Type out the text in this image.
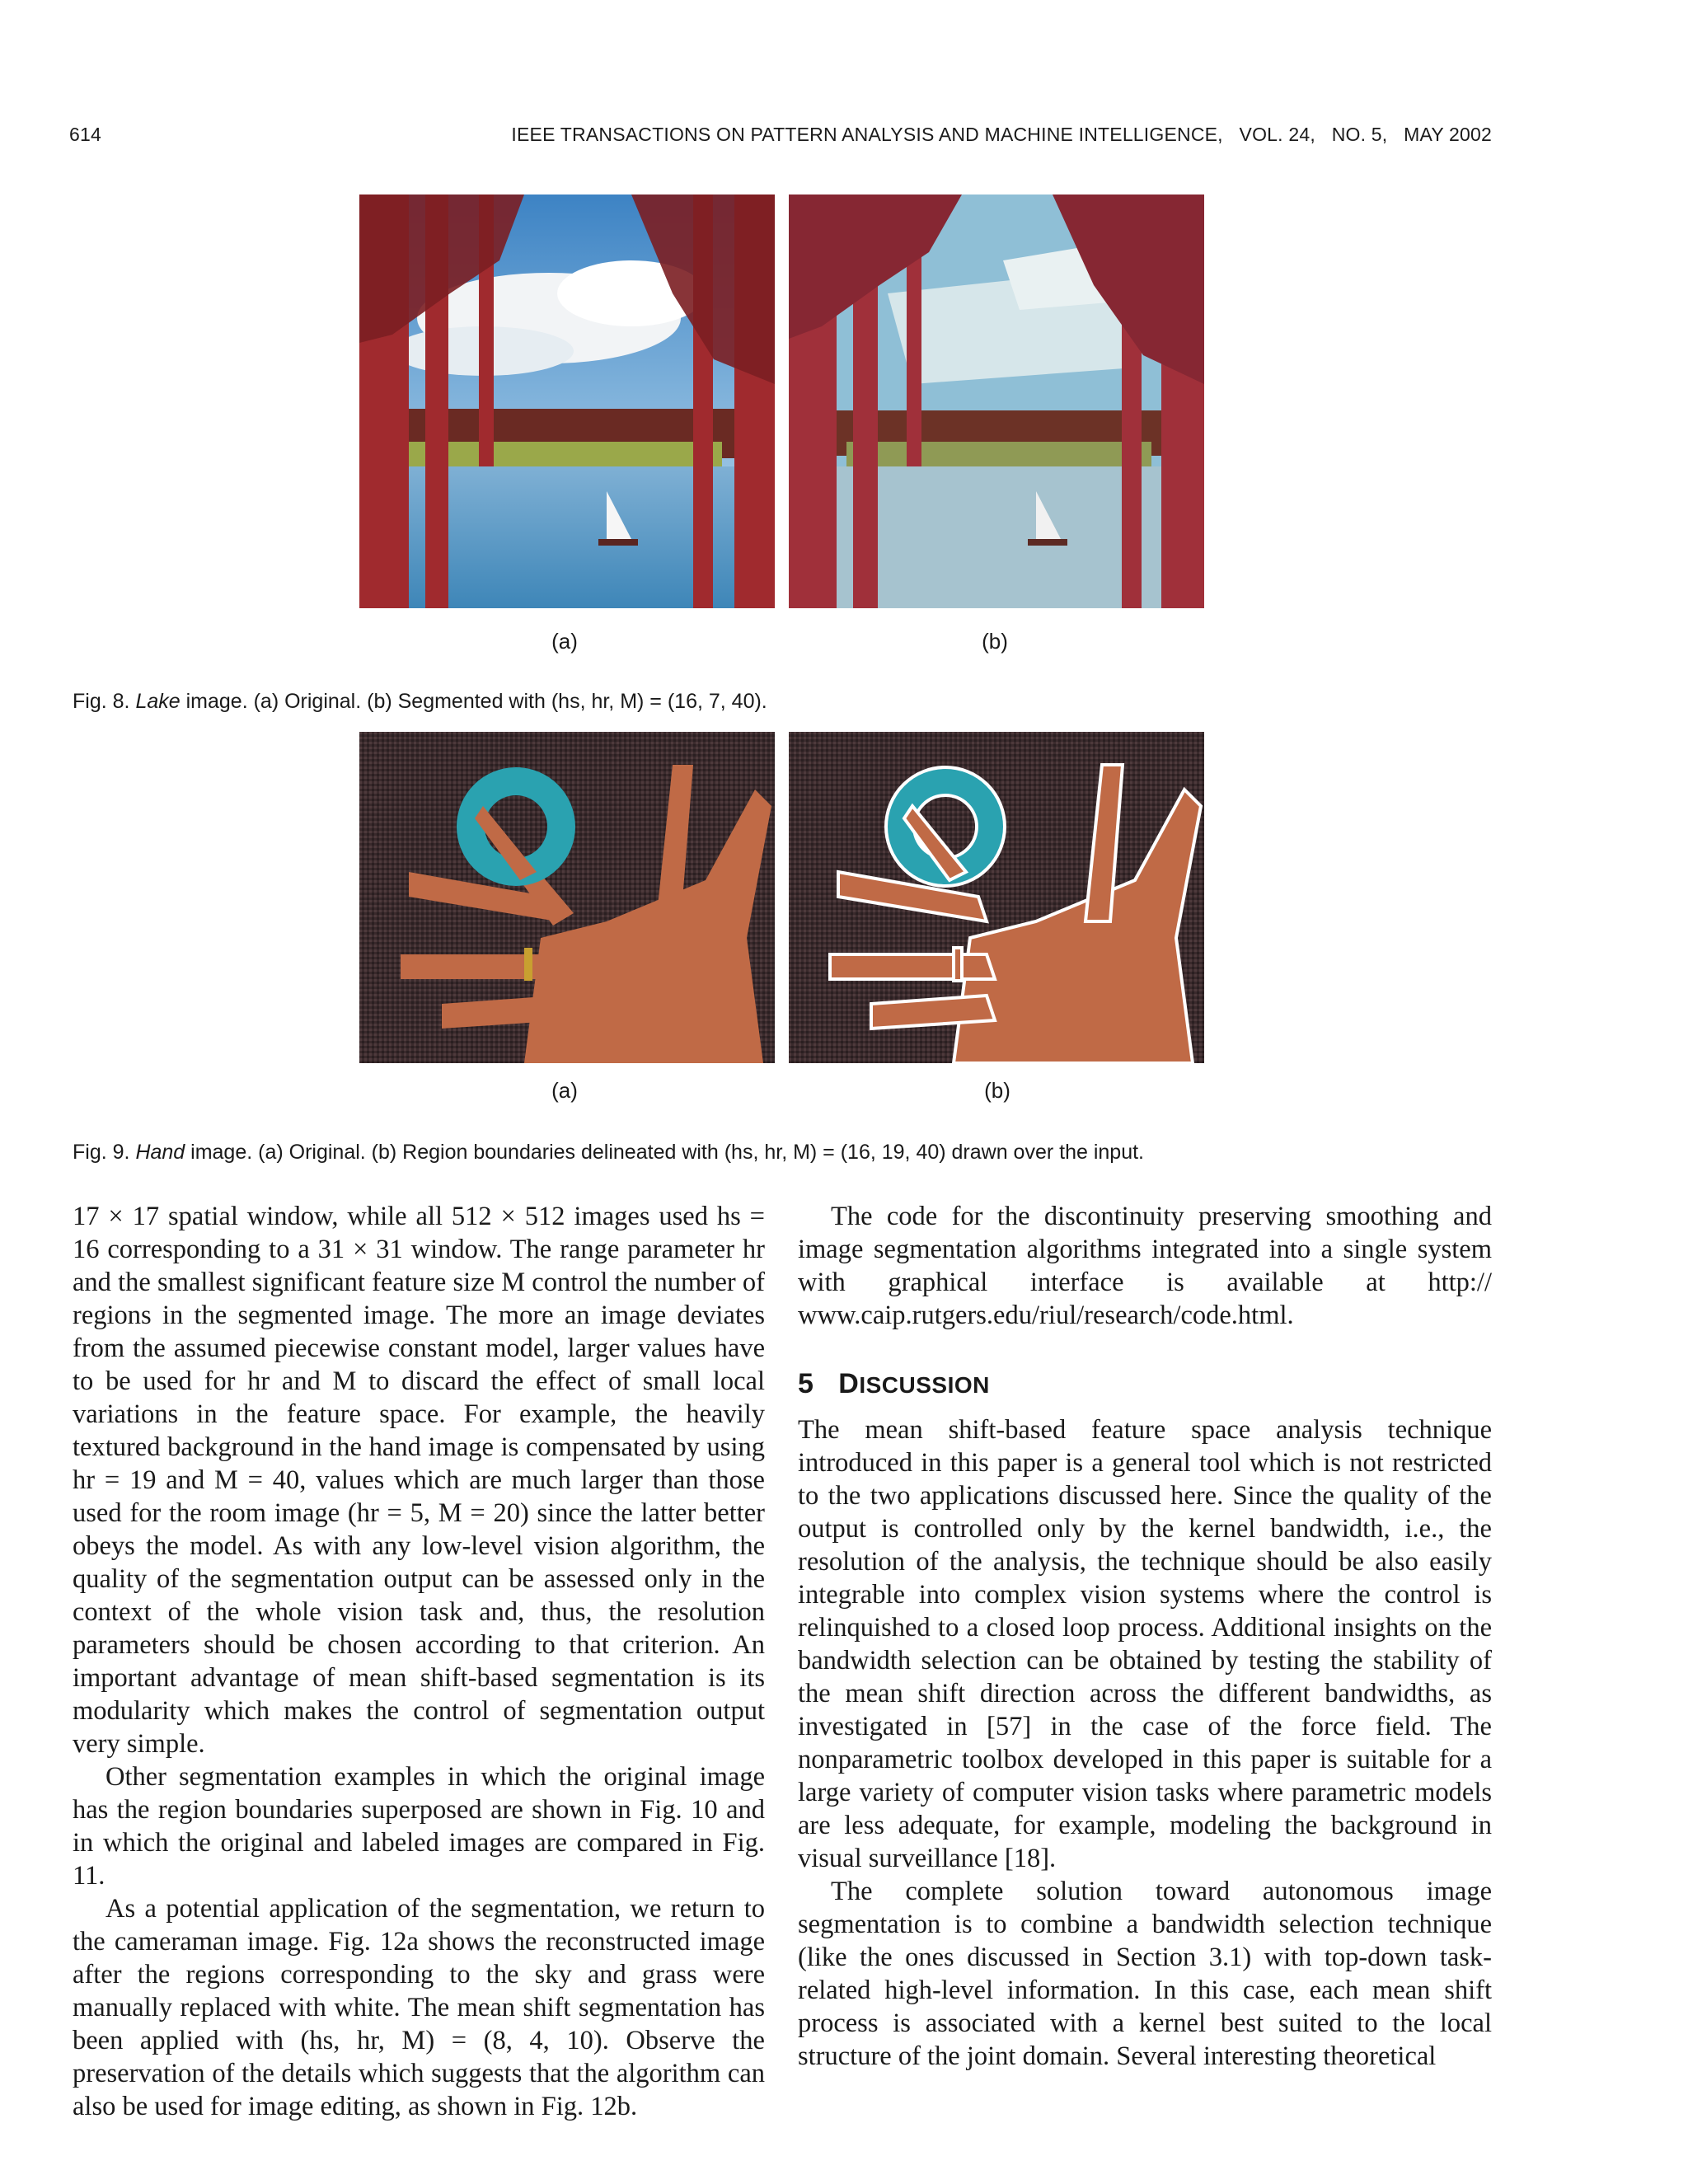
614	IEEE TRANSACTIONS ON PATTERN ANALYSIS AND MACHINE INTELLIGENCE,   VOL. 24,   NO. 5,   MAY 2002
(a)	(b)
Fig. 8. Lake image. (a) Original. (b) Segmented with (hs, hr, M) = (16, 7, 40).
(a)	(b)
Fig. 9. Hand image. (a) Original. (b) Region boundaries delineated with (hs, hr, M) = (16, 19, 40) drawn over the input.

17 × 17 spatial window, while all 512 × 512 images used hs = 16 corresponding to a 31 × 31 window. The range parameter hr and the smallest significant feature size M control the number of regions in the segmented image. The more an image deviates from the assumed piecewise constant model, larger values have to be used for hr and M to discard the effect of small local variations in the feature space. For example, the heavily textured background in the hand image is compensated by using hr = 19 and M = 40, values which are much larger than those used for the room image (hr = 5, M = 20) since the latter better obeys the model. As with any low-level vision algorithm, the quality of the segmentation output can be assessed only in the context of the whole vision task and, thus, the resolution parameters should be chosen according to that criterion. An important advantage of mean shift-based segmentation is its modularity which makes the control of segmentation output very simple.

Other segmentation examples in which the original image has the region boundaries superposed are shown in Fig. 10 and in which the original and labeled images are compared in Fig. 11.

As a potential application of the segmentation, we return to the cameraman image. Fig. 12a shows the reconstructed image after the regions corresponding to the sky and grass were manually replaced with white. The mean shift segmentation has been applied with (hs, hr, M) = (8, 4, 10). Observe the preservation of the details which suggests that the algorithm can also be used for image editing, as shown in Fig. 12b.

The code for the discontinuity preserving smoothing and image segmentation algorithms integrated into a single system with graphical interface is available at http:// www.caip.rutgers.edu/riul/research/code.html.

5 DISCUSSION

The mean shift-based feature space analysis technique introduced in this paper is a general tool which is not restricted to the two applications discussed here. Since the quality of the output is controlled only by the kernel bandwidth, i.e., the resolution of the analysis, the technique should be also easily integrable into complex vision systems where the control is relinquished to a closed loop process. Additional insights on the bandwidth selection can be obtained by testing the stability of the mean shift direction across the different bandwidths, as investigated in [57] in the case of the force field. The nonparametric toolbox developed in this paper is suitable for a large variety of computer vision tasks where parametric models are less adequate, for example, modeling the background in visual surveillance [18].

The complete solution toward autonomous image segmentation is to combine a bandwidth selection technique (like the ones discussed in Section 3.1) with top-down task-related high-level information. In this case, each mean shift process is associated with a kernel best suited to the local structure of the joint domain. Several interesting theoretical
